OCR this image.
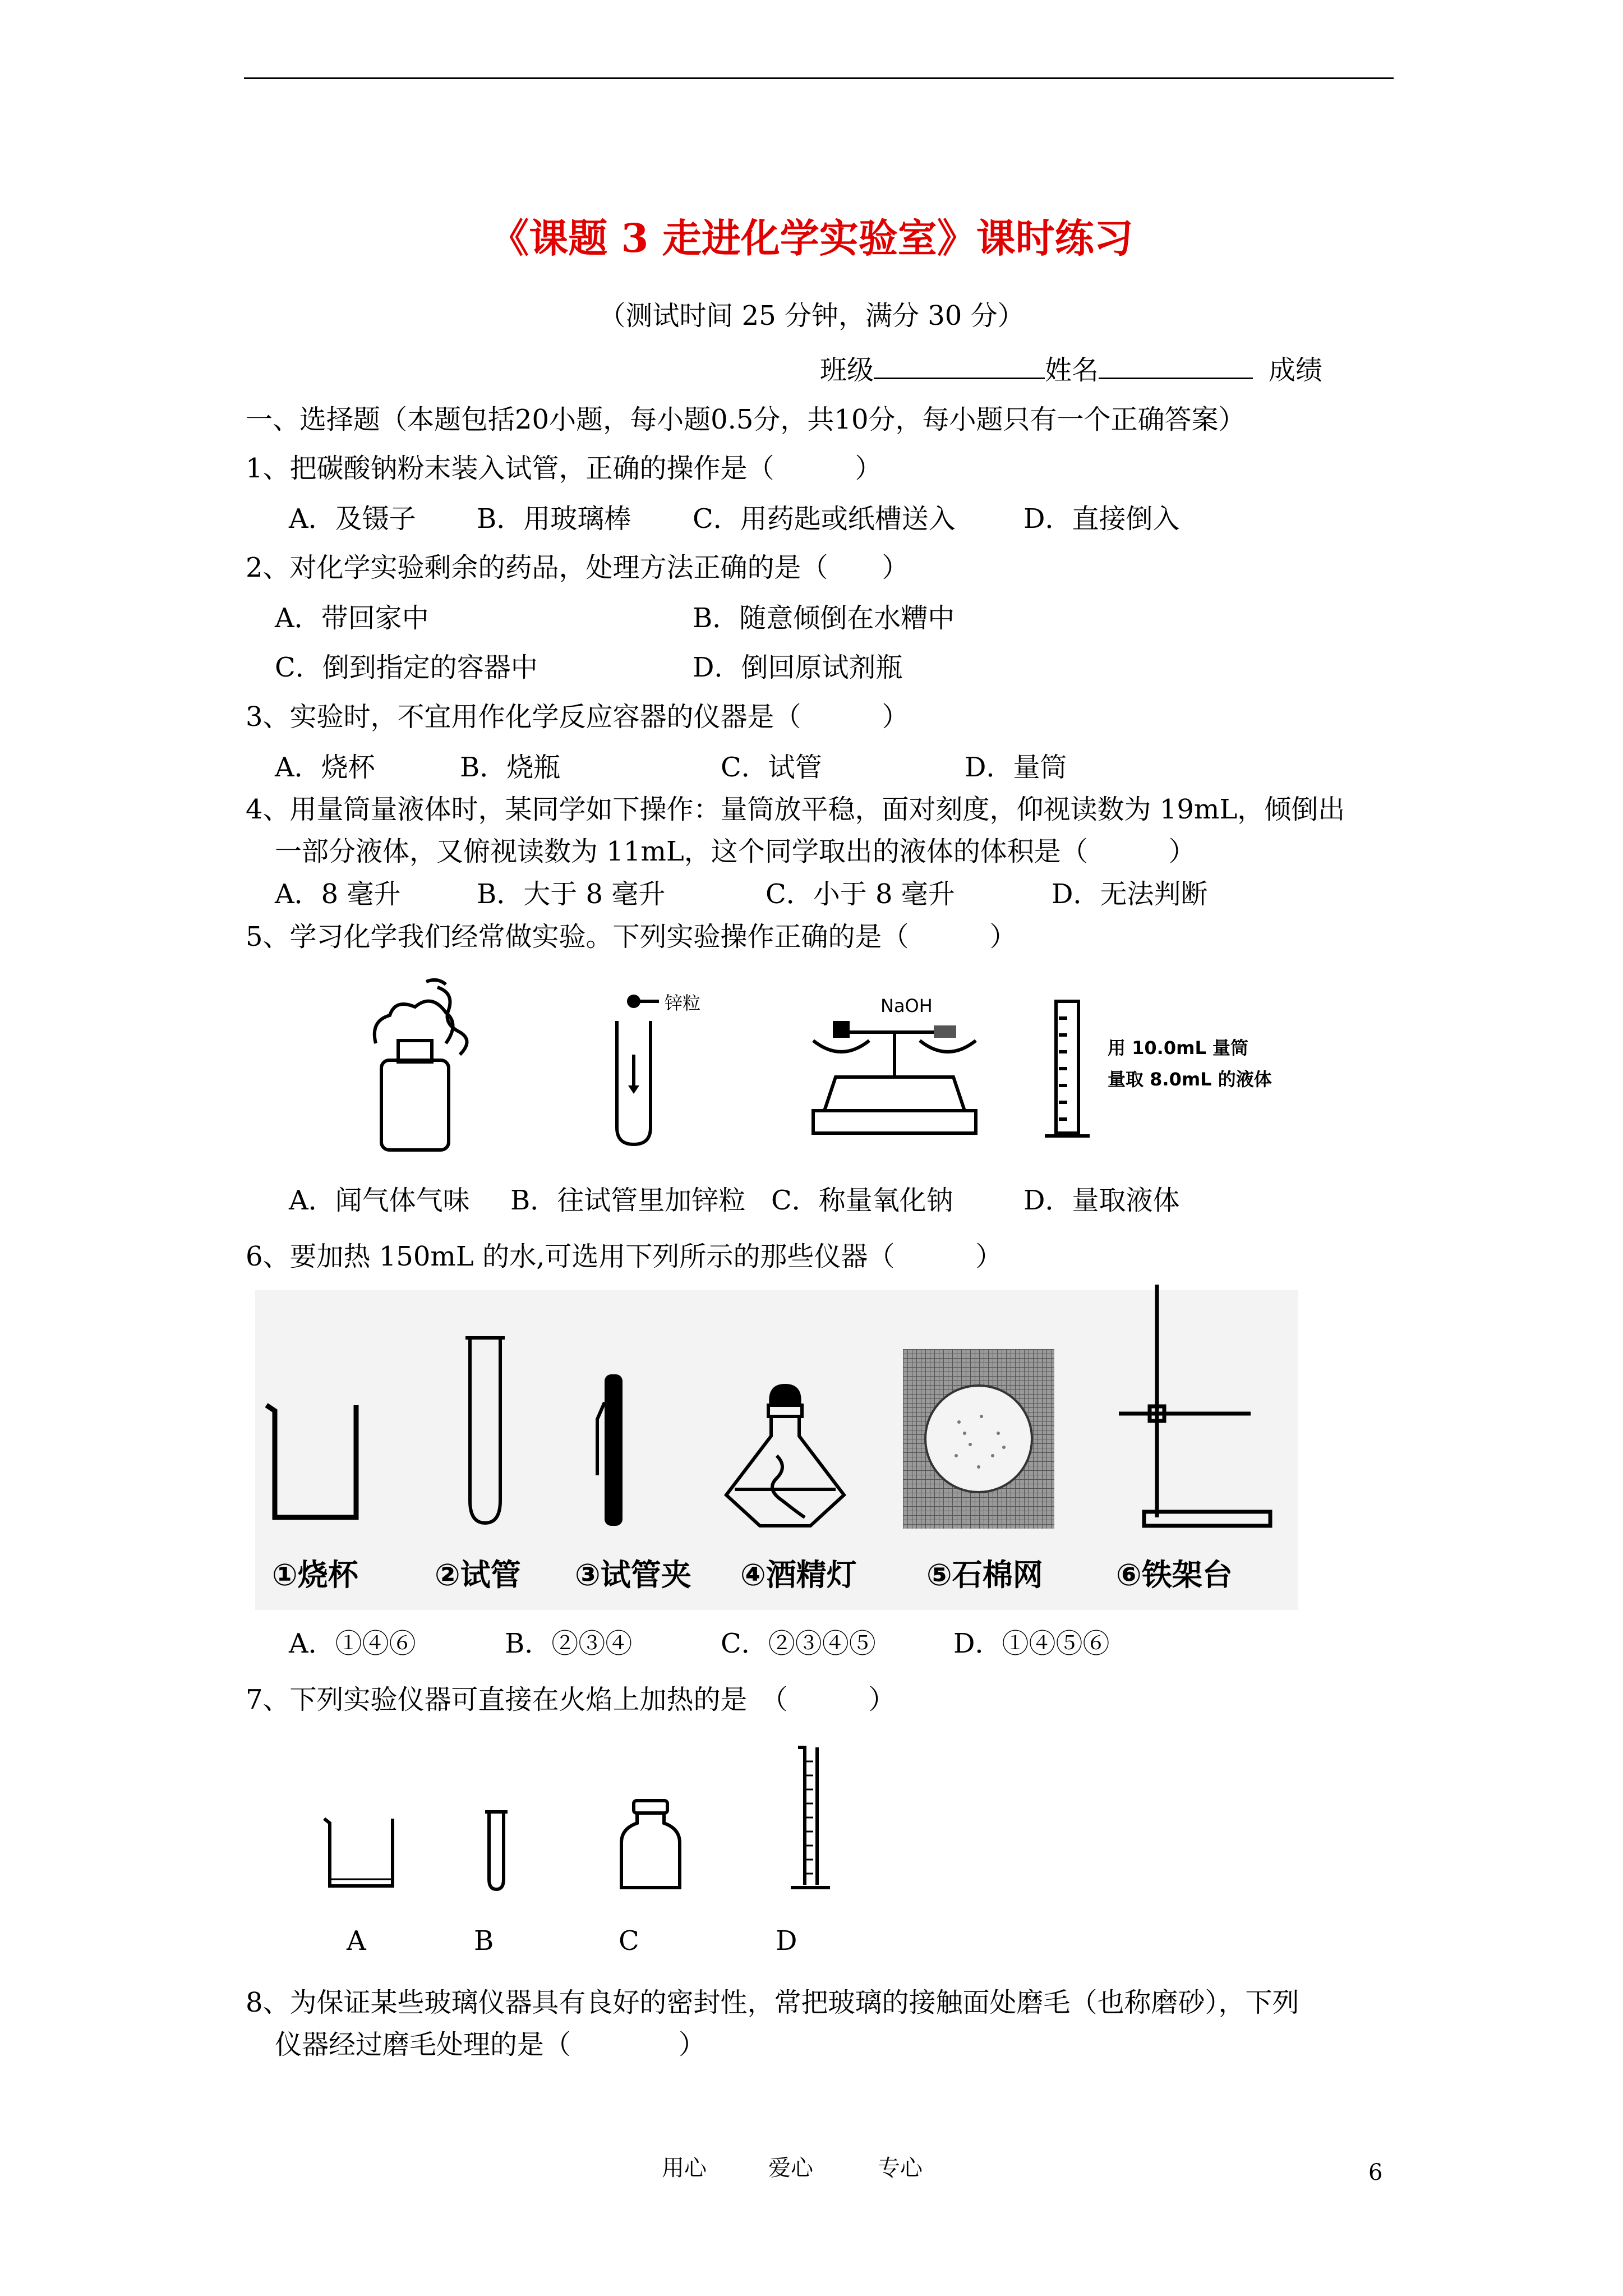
《课题 3 走进化学实验室》课时练习
（测试时间 25 分钟，满分 30 分）
班级	姓名	成绩
一、选择题（本题包括20小题，每小题0.5分，共10分，每小题只有一个正确答案）
1、把碳酸钠粉末装入试管，正确的操作是（　　　）
A．及镊子 B．用玻璃棒 C．用药匙或纸槽送入	D．直接倒入
2、对化学实验剩余的药品，处理方法正确的是（　　）
A．带回家中	B．随意倾倒在水糟中
C．倒到指定的容器中	D．倒回原试剂瓶
3、实验时，不宜用作化学反应容器的仪器是（　　　）
A．烧杯	B．烧瓶	C．试管	D．量筒
4、用量筒量液体时，某同学如下操作：量筒放平稳，面对刻度，仰视读数为 19mL，倾倒出
一部分液体，又俯视读数为 11mL，这个同学取出的液体的体积是（　　　）
A．8 毫升	B．大于 8 毫升	C．小于 8 毫升	D．无法判断
5、学习化学我们经常做实验。下列实验操作正确的是（　　　）
锌粒	NaOH
用 10.0mL 量筒
量取 8.0mL 的液体
A．闻气体气味 B．往试管里加锌粒 C．称量氧化钠	D．量取液体
6、要加热 150mL 的水,可选用下列所示的那些仪器（　　　）
①烧杯	②试管 ③试管夹 ④酒精灯 ⑤石棉网 ⑥铁架台
A．①④⑥	B．②③④	C．②③④⑤	D．①④⑤⑥
7、下列实验仪器可直接在火焰上加热的是　（　　　）
A	B	C	D
8、为保证某些玻璃仪器具有良好的密封性，常把玻璃的接触面处磨毛（也称磨砂），下列
仪器经过磨毛处理的是（　　　　）
用心	爱心	专心	6
